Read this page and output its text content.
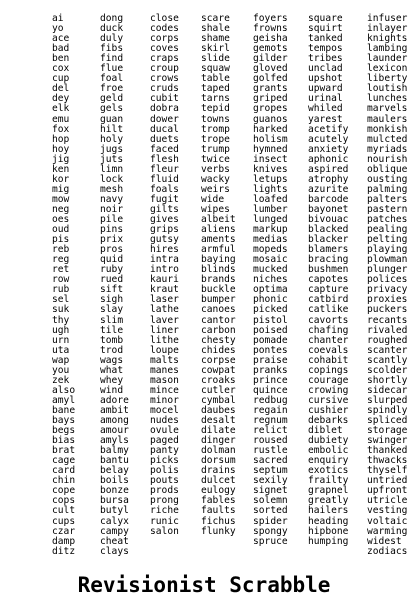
ai
yo
ace
bad
ben
cox
cup
del
dey
elk
emu
fox
hop
hoy
jig
ken
kor
mig
mow
neg
oes
oud
pis
reb
reg
ret
row
rub
sel
suk
thy
ugh
urn
uta
wap
you
zek
also
amyl
bane
bays
begs
bias
brat
cage
card
chin
cope
cops
cult
cups
czar
damp
ditz
dong
duck
duly
fibs
find
flue
foal
froe
geld
gels
guan
hilt
holy
jugs
juts
limn
lock
mesh
navy
noir
pile
pins
prix
pros
quid
ruby
rued
sift
sigh
slay
slim
tile
tomb
trod
wags
what
whey
wind
adore
ambit
among
amour
amyls
balmy
bantu
belay
boils
bonze
bursa
butyl
calyx
campy
cheat
clays
close
codes
corps
coves
craps
croup
crows
cruds
cubit
dobra
dower
ducal
duets
faced
flesh
fleur
fluid
foals
fugit
gilts
gives
grips
gutsy
hires
intra
intro
kauri
kraut
laser
lathe
laver
liner
lithe
loupe
malts
manes
mason
mince
minor
mocel
nudes
ovule
paged
panty
picks
polis
pouts
prods
prong
riche
runic
salon
scare
shale
shame
skirl
slide
squaw
table
taped
tarns
tepid
towns
tromp
trope
trump
twice
verbs
wacky
weirs
wide
wipes
albeit
aliens
aments
armful
baying
blinds
brands
buckle
bumper
canoes
cantor
carbon
chesty
chides
corpse
cowpat
croaks
cutler
cymbal
daubes
desalt
dilate
dinger
dolman
dorsum
drains
dulcet
eulogy
fables
faults
fichus
flunky
foyers
frowns
geisha
gemots
gilder
gloved
golfed
grants
griped
gropes
guanos
harked
holism
hymned
insect
knives
letups
lights
loafed
lumber
lunged
markup
medias
mopeds
mosaic
mucked
niches
optima
phonic
picked
pistol
poised
pomade
pontes
praise
pranks
prince
quince
redbug
regain
regnum
relict
roused
rustle
sacred
septum
sexily
signet
solemn
sorted
spider
spongy
spruce
square
squirt
tanked
tempos
tribes
unclad
upshot
upward
urinal
whiled
yarest
acetify
acutely
anxiety
aphonic
aspired
atrophy
azurite
barcode
bayonet
bivouac
blacked
blacker
blamers
bracing
bushmen
capotes
capture
catbird
catlike
cavorts
chafing
chanter
coevals
cohabit
copings
courage
crowing
cursive
cushier
debarks
diblet
dubiety
embolic
enquiry
exotics
frailty
grapnel
greatly
hailers
heading
hipbone
humping
infuser
inlayer
knights
lambing
launder
lexicon
liberty
loutish
lunches
marvels
maulers
monkish
mulcted
myriads
nourish
oblique
ousting
palming
palters
pastern
patches
pealing
pelting
playing
plowman
plunger
polices
privacy
proxies
puckers
recants
rivaled
roughed
scanter
scantly
scolder
shortly
sidecar
slurped
spindly
spliced
storage
swinger
thanked
thwacks
thyself
untried
upfront
utricle
vesting
voltaic
warming
widest
zodiacs
Revisionist Scrabble
